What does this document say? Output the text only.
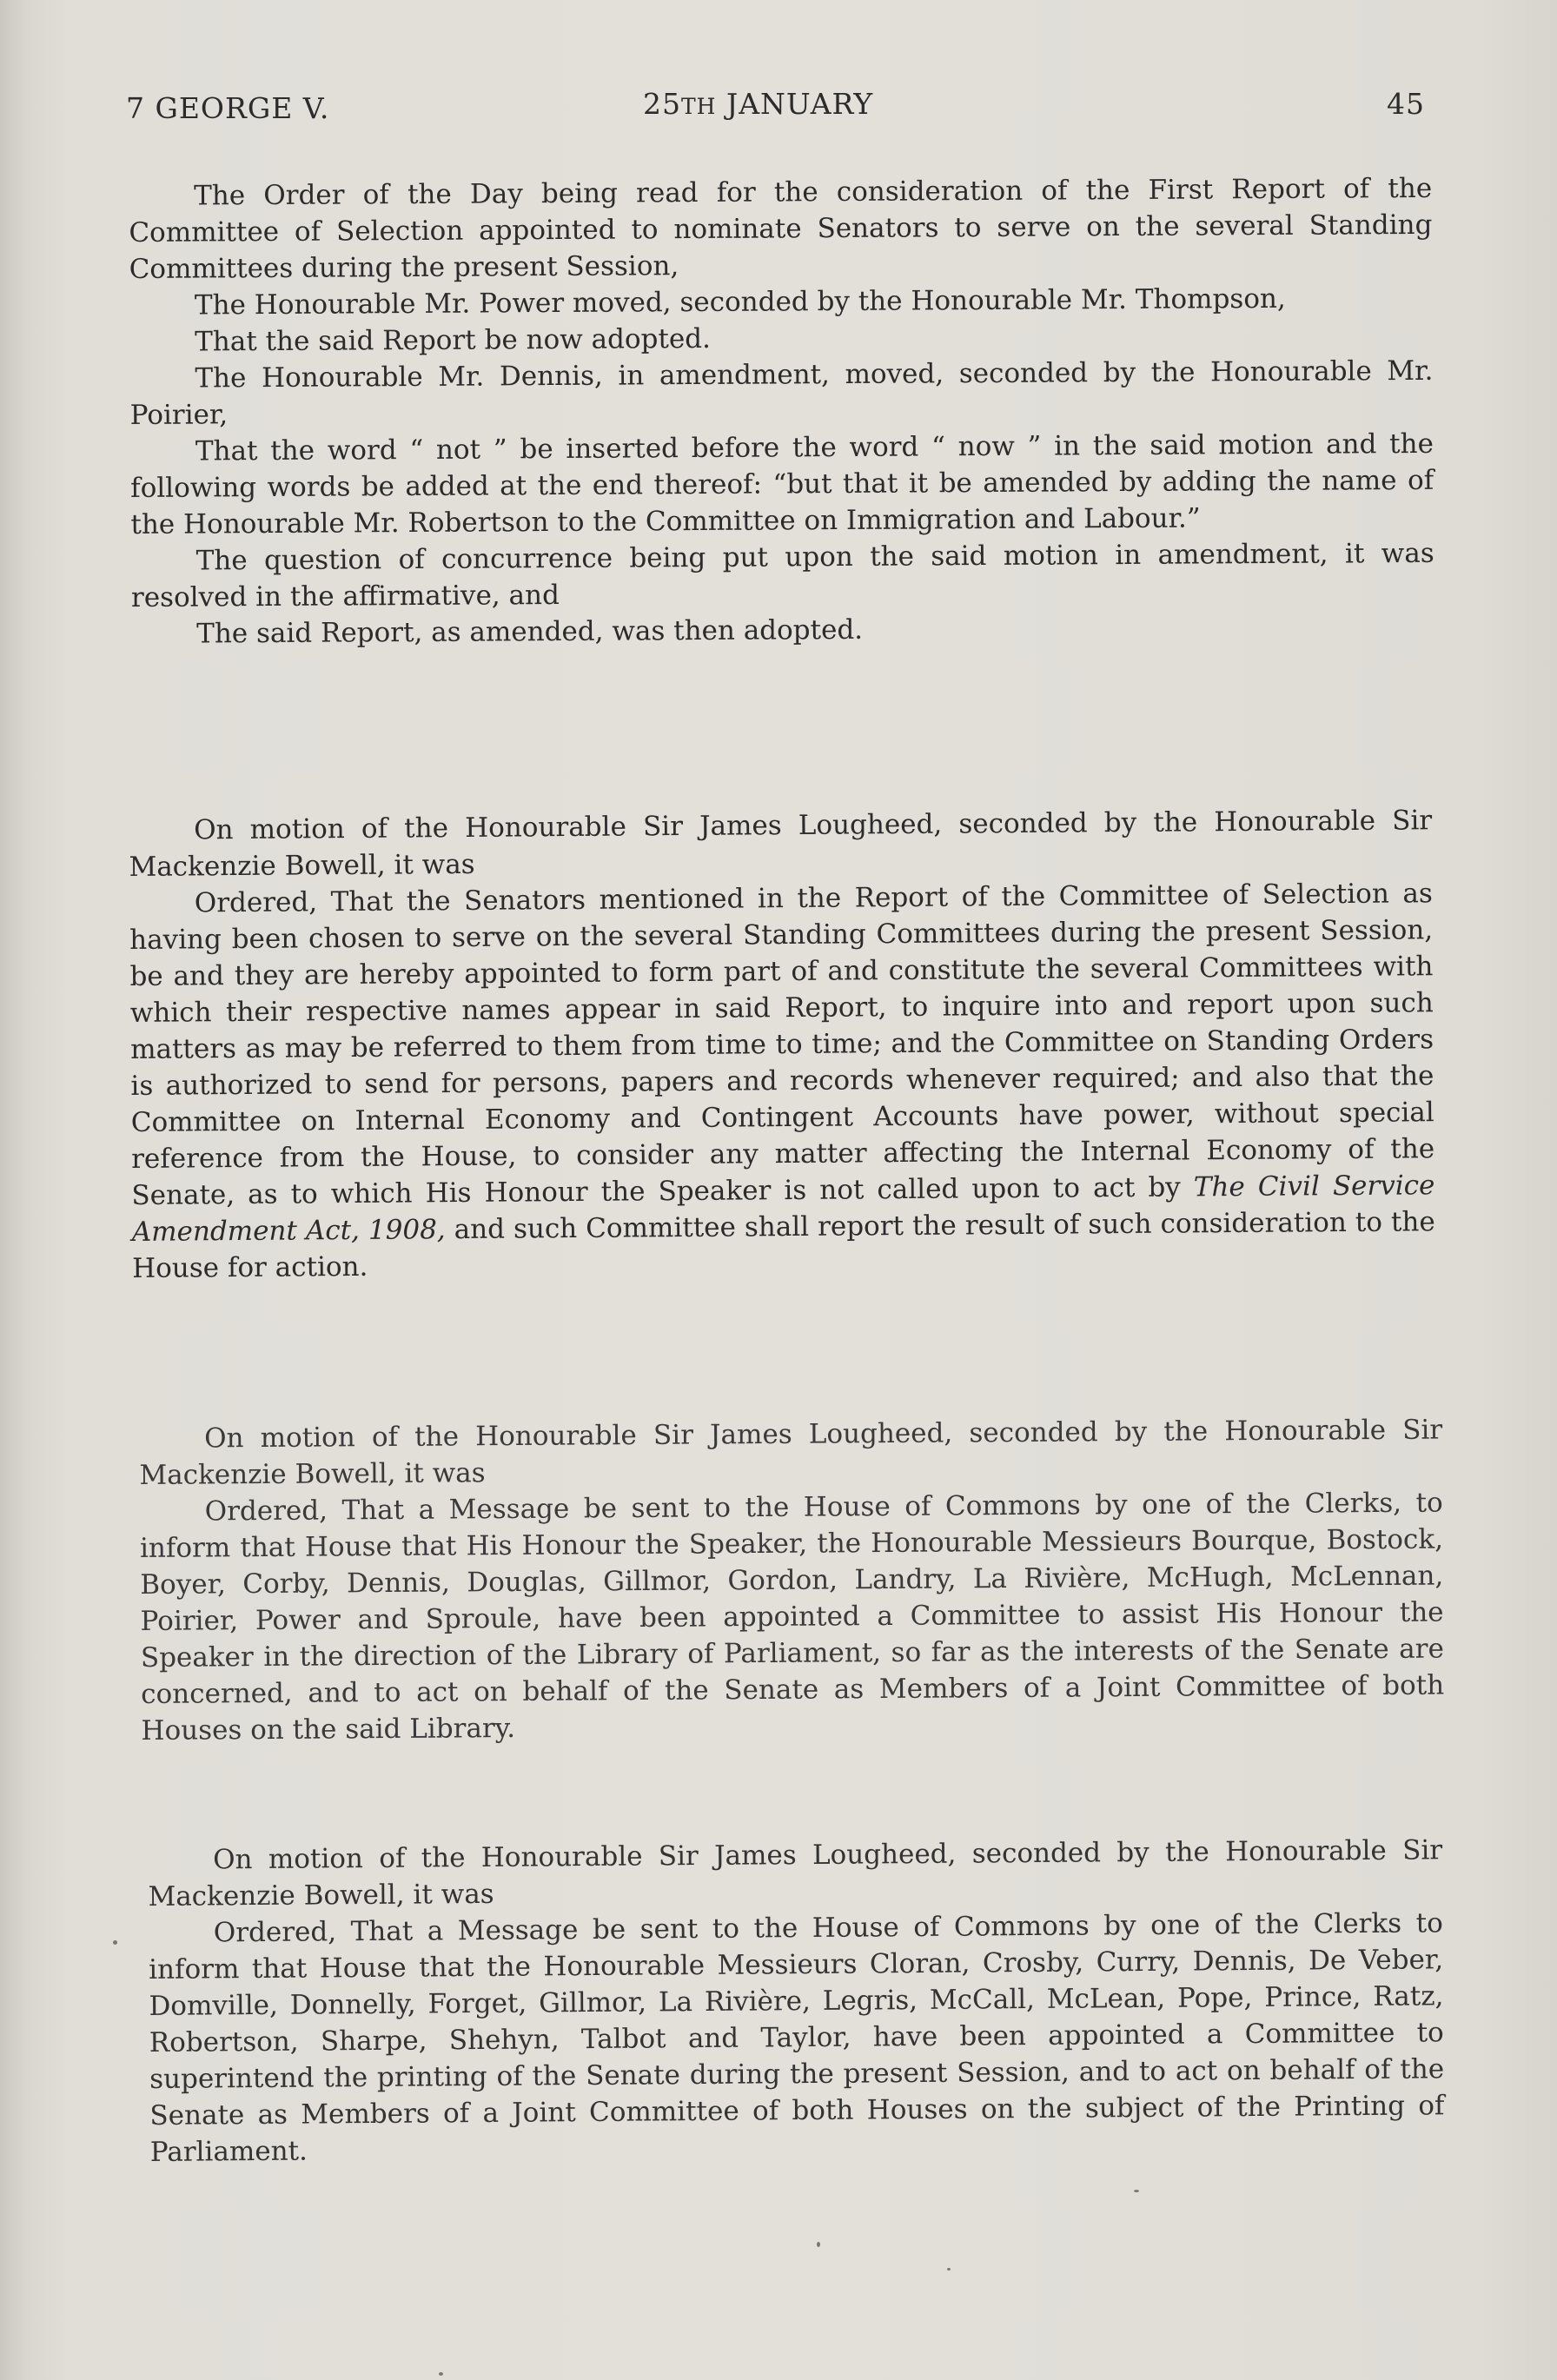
7 GEORGE V.	25TH JANUARY	45

The Order of the Day being read for the consideration of the First Report of the Committee of Selection appointed to nominate Senators to serve on the several Standing Committees during the present Session,

The Honourable Mr. Power moved, seconded by the Honourable Mr. Thompson,

That the said Report be now adopted.

The Honourable Mr. Dennis, in amendment, moved, seconded by the Honourable Mr. Poirier,

That the word “ not ” be inserted before the word “ now ” in the said motion and the following words be added at the end thereof: “but that it be amended by adding the name of the Honourable Mr. Robertson to the Committee on Immigration and Labour.”

The question of concurrence being put upon the said motion in amendment, it was resolved in the affirmative, and

The said Report, as amended, was then adopted.

On motion of the Honourable Sir James Lougheed, seconded by the Honourable Sir Mackenzie Bowell, it was

Ordered, That the Senators mentioned in the Report of the Committee of Selection as having been chosen to serve on the several Standing Committees during the present Session, be and they are hereby appointed to form part of and constitute the several Committees with which their respective names appear in said Report, to inquire into and report upon such matters as may be referred to them from time to time; and the Committee on Standing Orders is authorized to send for persons, papers and records whenever required; and also that the Committee on Internal Economy and Contingent Accounts have power, without special reference from the House, to consider any matter affecting the Internal Economy of the Senate, as to which His Honour the Speaker is not called upon to act by The Civil Service Amendment Act, 1908, and such Committee shall report the result of such consideration to the House for action.

On motion of the Honourable Sir James Lougheed, seconded by the Honourable Sir Mackenzie Bowell, it was

Ordered, That a Message be sent to the House of Commons by one of the Clerks, to inform that House that His Honour the Speaker, the Honourable Messieurs Bourque, Bostock, Boyer, Corby, Dennis, Douglas, Gillmor, Gordon, Landry, La Rivière, McHugh, McLennan, Poirier, Power and Sproule, have been appointed a Committee to assist His Honour the Speaker in the direction of the Library of Parliament, so far as the interests of the Senate are concerned, and to act on behalf of the Senate as Members of a Joint Committee of both Houses on the said Library.

On motion of the Honourable Sir James Lougheed, seconded by the Honourable Sir Mackenzie Bowell, it was

Ordered, That a Message be sent to the House of Commons by one of the Clerks to inform that House that the Honourable Messieurs Cloran, Crosby, Curry, Dennis, De Veber, Domville, Donnelly, Forget, Gillmor, La Rivière, Legris, McCall, McLean, Pope, Prince, Ratz, Robertson, Sharpe, Shehyn, Talbot and Taylor, have been appointed a Committee to superintend the printing of the Senate during the present Session, and to act on behalf of the Senate as Members of a Joint Committee of both Houses on the subject of the Printing of Parliament.
